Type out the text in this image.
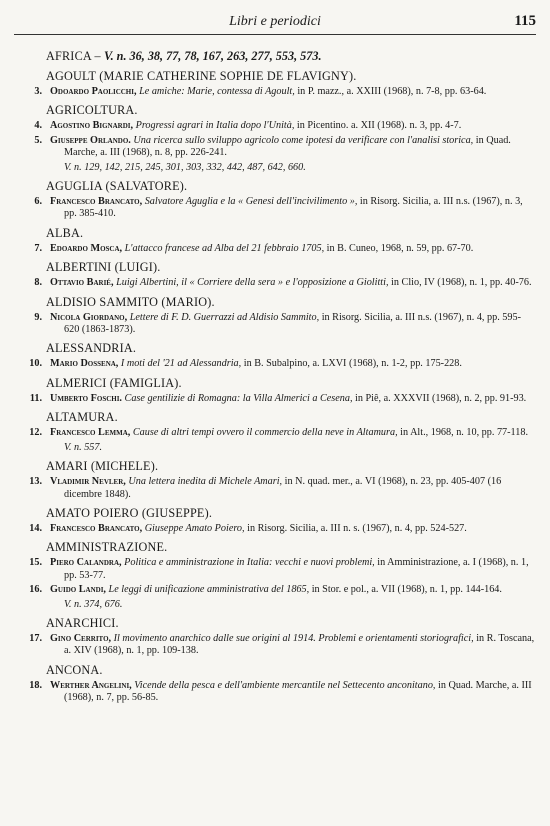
Libri e periodici	115
AFRICA – V. n. 36, 38, 77, 78, 167, 263, 277, 553, 573.
AGOULT (MARIE CATHERINE SOPHIE DE FLAVIGNY).
3. Odoardo Paolicchi, Le amiche: Marie, contessa di Agoult, in P. mazz., a. XXIII (1968), n. 7-8, pp. 63-64.
AGRICOLTURA.
4. Agostino Bignardi, Progressi agrari in Italia dopo l'Unità, in Picentino. a. XII (1968). n. 3, pp. 4-7.
5. Giuseppe Orlando. Una ricerca sullo sviluppo agricolo come ipotesi da verificare con l'analisi storica, in Quad. Marche, a. III (1968), n. 8, pp. 226-241.
V. n. 129, 142, 215, 245, 301, 303, 332, 442, 487, 642, 660.
AGUGLIA (SALVATORE).
6. Francesco Brancato, Salvatore Aguglia e la « Genesi dell'incivilimento », in Risorg. Sicilia, a. III n.s. (1967), n. 3, pp. 385-410.
ALBA.
7. Edoardo Mosca, L'attacco francese ad Alba del 21 febbraio 1705, in B. Cuneo, 1968, n. 59, pp. 67-70.
ALBERTINI (LUIGI).
8. Ottavio Barié, Luigi Albertini, il « Corriere della sera » e l'opposizione a Giolitti, in Clio, IV (1968), n. 1, pp. 40-76.
ALDISIO SAMMITO (MARIO).
9. Nicola Giordano, Lettere di F. D. Guerrazzi ad Aldisio Sammito, in Risorg. Sicilia, a. III n.s. (1967), n. 4, pp. 595-620 (1863-1873).
ALESSANDRIA.
10. Mario Dossena, I moti del '21 ad Alessandria, in B. Subalpino, a. LXVI (1968), n. 1-2, pp. 175-228.
ALMERICI (FAMIGLIA).
11. Umberto Foschi. Case gentilizie di Romagna: la Villa Almerici a Cesena, in Piê, a. XXXVII (1968), n. 2, pp. 91-93.
ALTAMURA.
12. Francesco Lemma, Cause di altri tempi ovvero il commercio della neve in Altamura, in Alt., 1968, n. 10, pp. 77-118.
V. n. 557.
AMARI (MICHELE).
13. Vladimir Nevler, Una lettera inedita di Michele Amari, in N. quad. mer., a. VI (1968), n. 23, pp. 405-407 (16 dicembre 1848).
AMATO POIERO (GIUSEPPE).
14. Francesco Brancato, Giuseppe Amato Poiero, in Risorg. Sicilia, a. III n. s. (1967), n. 4, pp. 524-527.
AMMINISTRAZIONE.
15. Piero Calandra, Politica e amministrazione in Italia: vecchi e nuovi problemi, in Amministrazione, a. I (1968), n. 1, pp. 53-77.
16. Guido Landi, Le leggi di unificazione amministrativa del 1865, in Stor. e pol., a. VII (1968), n. 1, pp. 144-164.
V. n. 374, 676.
ANARCHICI.
17. Gino Cerrito, Il movimento anarchico dalle sue origini al 1914. Problemi e orientamenti storiografici, in R. Toscana, a. XIV (1968), n. 1, pp. 109-138.
ANCONA.
18. Werther Angelini, Vicende della pesca e dell'ambiente mercantile nel Settecento anconitano, in Quad. Marche, a. III (1968), n. 7, pp. 56-85.
